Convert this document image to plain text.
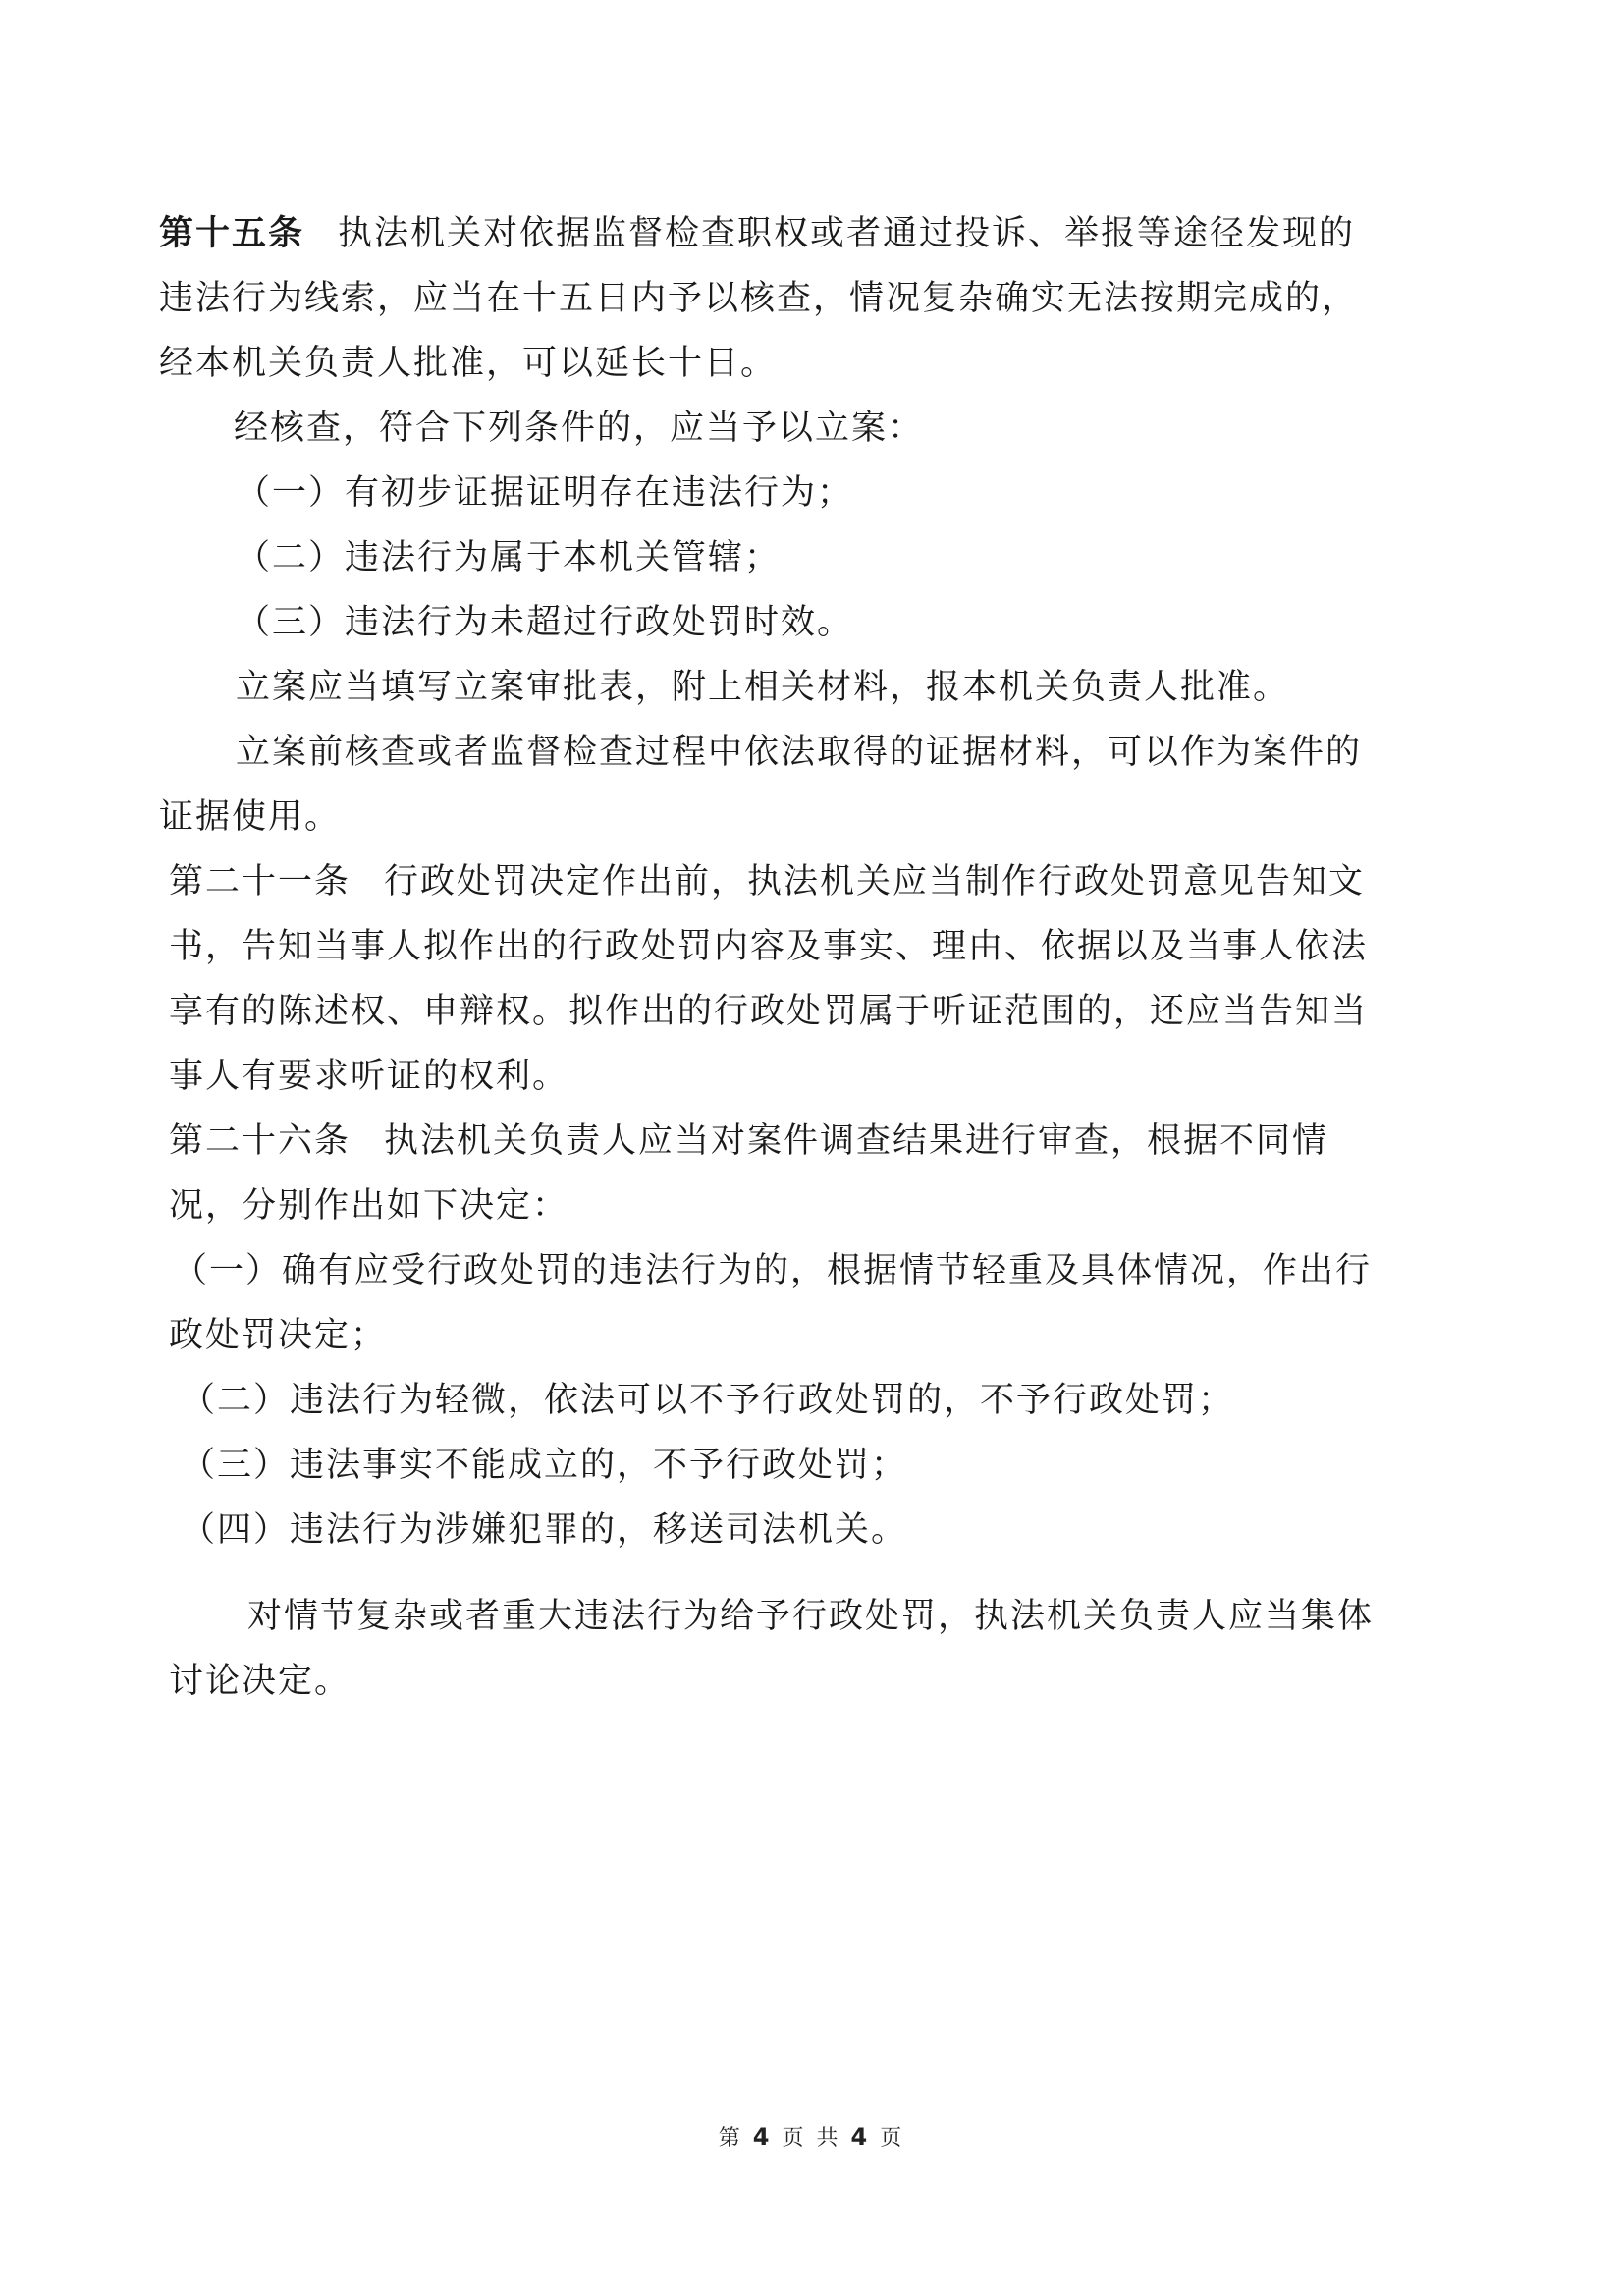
第十五条 执法机关对依据监督检查职权或者通过投诉、举报等途径发现的
违法行为线索，应当在十五日内予以核查，情况复杂确实无法按期完成的，
经本机关负责人批准，可以延长十日。
经核查，符合下列条件的，应当予以立案：
（一）有初步证据证明存在违法行为；
（二）违法行为属于本机关管辖；
（三）违法行为未超过行政处罚时效。
立案应当填写立案审批表，附上相关材料，报本机关负责人批准。
立案前核查或者监督检查过程中依法取得的证据材料，可以作为案件的
证据使用。
第二十一条 行政处罚决定作出前，执法机关应当制作行政处罚意见告知文
书，告知当事人拟作出的行政处罚内容及事实、理由、依据以及当事人依法
享有的陈述权、申辩权。拟作出的行政处罚属于听证范围的，还应当告知当
事人有要求听证的权利。
第二十六条 执法机关负责人应当对案件调查结果进行审查，根据不同情
况，分别作出如下决定：
（一）确有应受行政处罚的违法行为的，根据情节轻重及具体情况，作出行
政处罚决定；
（二）违法行为轻微，依法可以不予行政处罚的，不予行政处罚；
（三）违法事实不能成立的，不予行政处罚；
（四）违法行为涉嫌犯罪的，移送司法机关。
对情节复杂或者重大违法行为给予行政处罚，执法机关负责人应当集体
讨论决定。
第 4 页 共 4 页
